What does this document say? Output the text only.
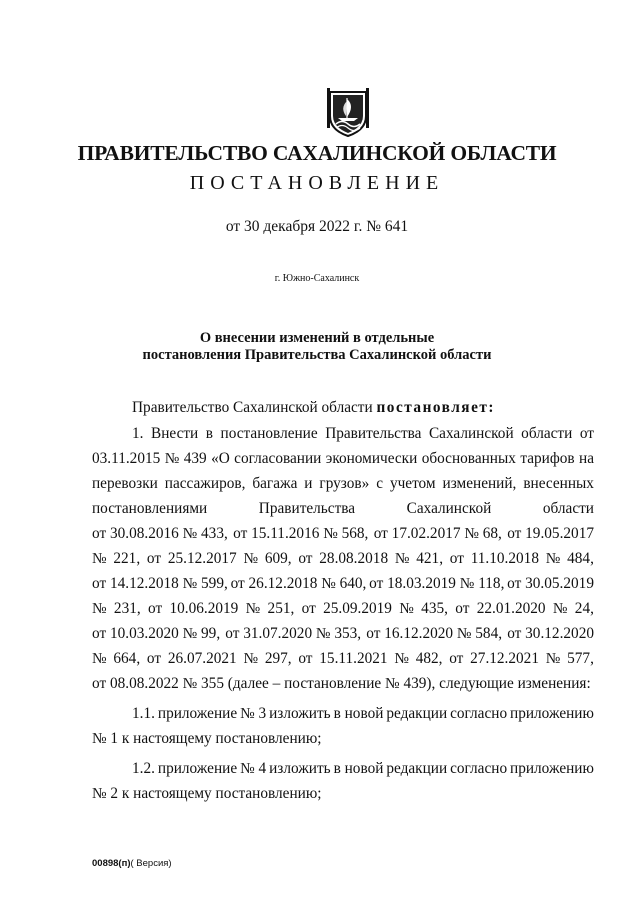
ПРАВИТЕЛЬСТВО САХАЛИНСКОЙ ОБЛАСТИ
ПОСТАНОВЛЕНИЕ
от 30 декабря 2022 г. № 641
г. Южно-Сахалинск
О внесении изменений в отдельные
постановления Правительства Сахалинской области
Правительство Сахалинской области постановляет:
1. Внести в постановление Правительства Сахалинской области от
03.11.2015 № 439 «О согласовании экономически обоснованных тарифов на
перевозки пассажиров, багажа и грузов» с учетом изменений, внесенных
постановлениями	Правительства	Сахалинской	области
от 30.08.2016 № 433, от 15.11.2016 № 568, от 17.02.2017 № 68, от 19.05.2017
№ 221, от 25.12.2017 № 609, от 28.08.2018 № 421, от 11.10.2018 № 484,
от 14.12.2018 № 599, от 26.12.2018 № 640, от 18.03.2019 № 118, от 30.05.2019
№ 231, от 10.06.2019 № 251, от 25.09.2019 № 435, от 22.01.2020 № 24,
от 10.03.2020 № 99, от 31.07.2020 № 353, от 16.12.2020 № 584, от 30.12.2020
№ 664, от 26.07.2021 № 297, от 15.11.2021 № 482, от 27.12.2021 № 577,
от 08.08.2022 № 355 (далее – постановление № 439), следующие изменения:
1.1. приложение № 3 изложить в новой редакции согласно приложению
№ 1 к настоящему постановлению;
1.2. приложение № 4 изложить в новой редакции согласно приложению
№ 2 к настоящему постановлению;
00898(п)( Версия)
